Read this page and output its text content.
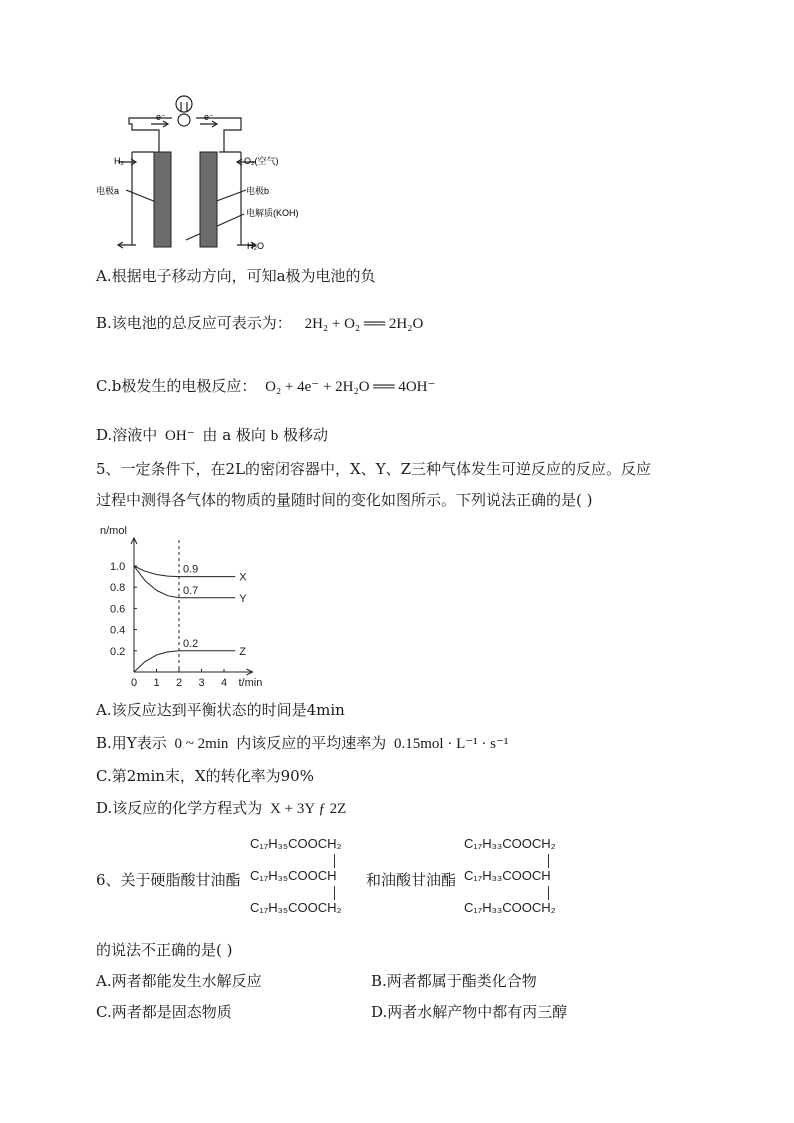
e⁻	e⁻
H₂	O₂(空气)
电极a	电极b
电解质(KOH)
H₂O
A.根据电子移动方向，可知a极为电池的负
B.该电池的总反应可表示为： 2H₂ + O₂ ══ 2H₂O
C.b极发生的电极反应： O₂ + 4e⁻ + 2H₂O ══ 4OH⁻
D.溶液中 OH⁻ 由 a 极向 b 极移动
5、一定条件下，在2L的密闭容器中，X、Y、Z三种气体发生可逆反应的反应。反应
过程中测得各气体的物质的量随时间的变化如图所示。下列说法正确的是( )
0 1 2 3 4
1.0
0.8
0.6
0.4
0.2
n/mol
t/min
X
0.9
Y
0.7
Z
0.2
A.该反应达到平衡状态的时间是4min
B.用Y表示 0 ~ 2min 内该反应的平均速率为 0.15mol · L⁻¹ · s⁻¹
C.第2min末，X的转化率为90%
D.该反应的化学方程式为 X + 3Y ƒ 2Z
6、关于硬脂酸甘油酯
C₁₇H₃₅COOCH₂
C₁₇H₃₅COOCH
C₁₇H₃₅COOCH₂
和油酸甘油酯
C₁₇H₃₃COOCH₂
C₁₇H₃₃COOCH
C₁₇H₃₃COOCH₂
的说法不正确的是( )
A.两者都能发生水解反应	B.两者都属于酯类化合物
C.两者都是固态物质	D.两者水解产物中都有丙三醇
